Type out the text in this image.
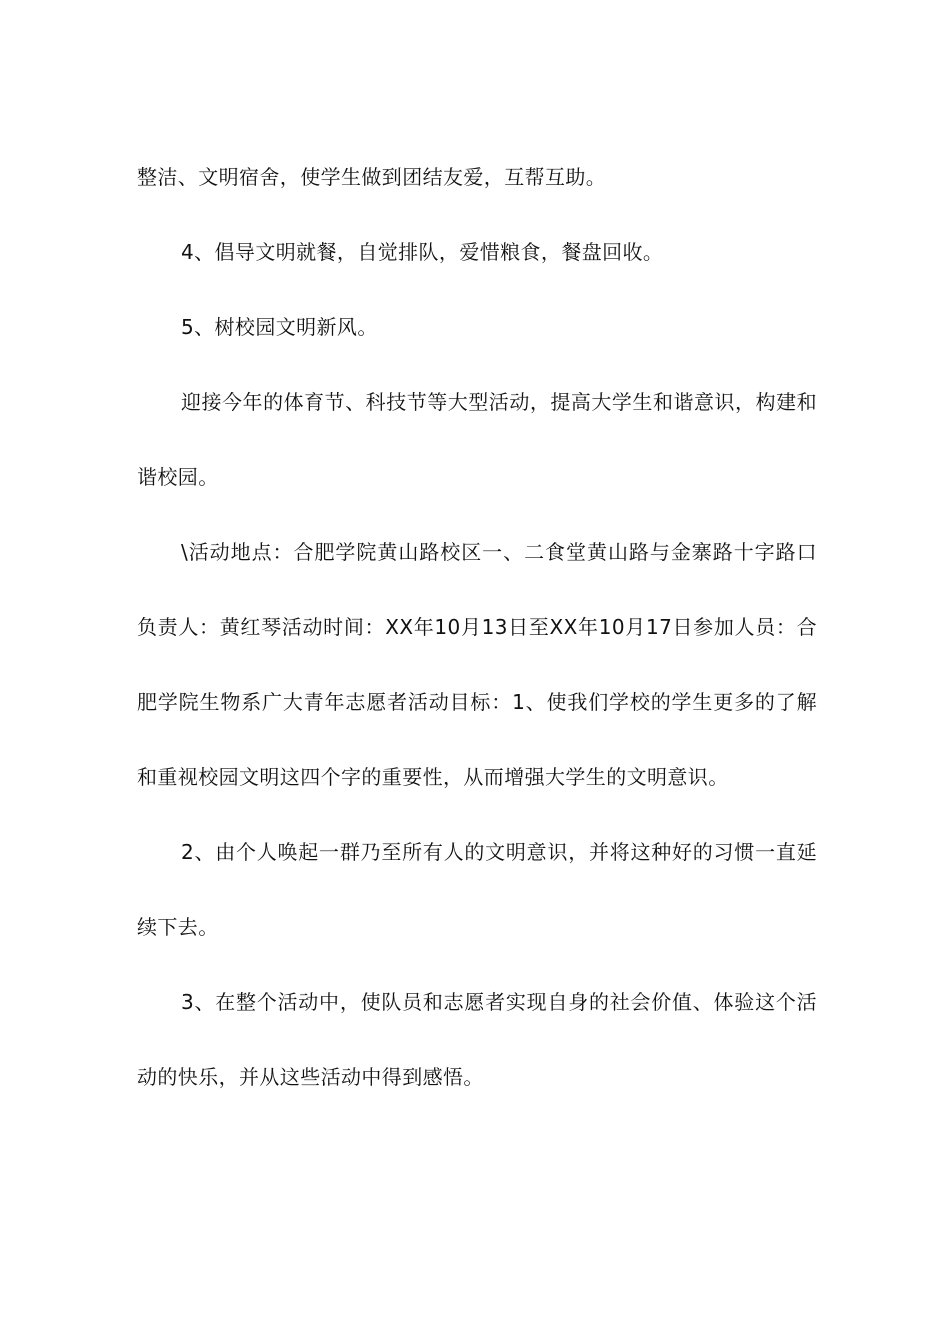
整洁、文明宿舍，使学生做到团结友爱，互帮互助。

4、倡导文明就餐，自觉排队，爱惜粮食，餐盘回收。

5、树校园文明新风。

迎接今年的体育节、科技节等大型活动，提高大学生和谐意识，构建和谐校园。

\活动地点：合肥学院黄山路校区一、二食堂黄山路与金寨路十字路口负责人：黄红琴活动时间：XX年10月13日至XX年10月17日参加人员：合肥学院生物系广大青年志愿者活动目标：1、使我们学校的学生更多的了解和重视校园文明这四个字的重要性，从而增强大学生的文明意识。

2、由个人唤起一群乃至所有人的文明意识，并将这种好的习惯一直延续下去。

3、在整个活动中，使队员和志愿者实现自身的社会价值、体验这个活动的快乐，并从这些活动中得到感悟。
